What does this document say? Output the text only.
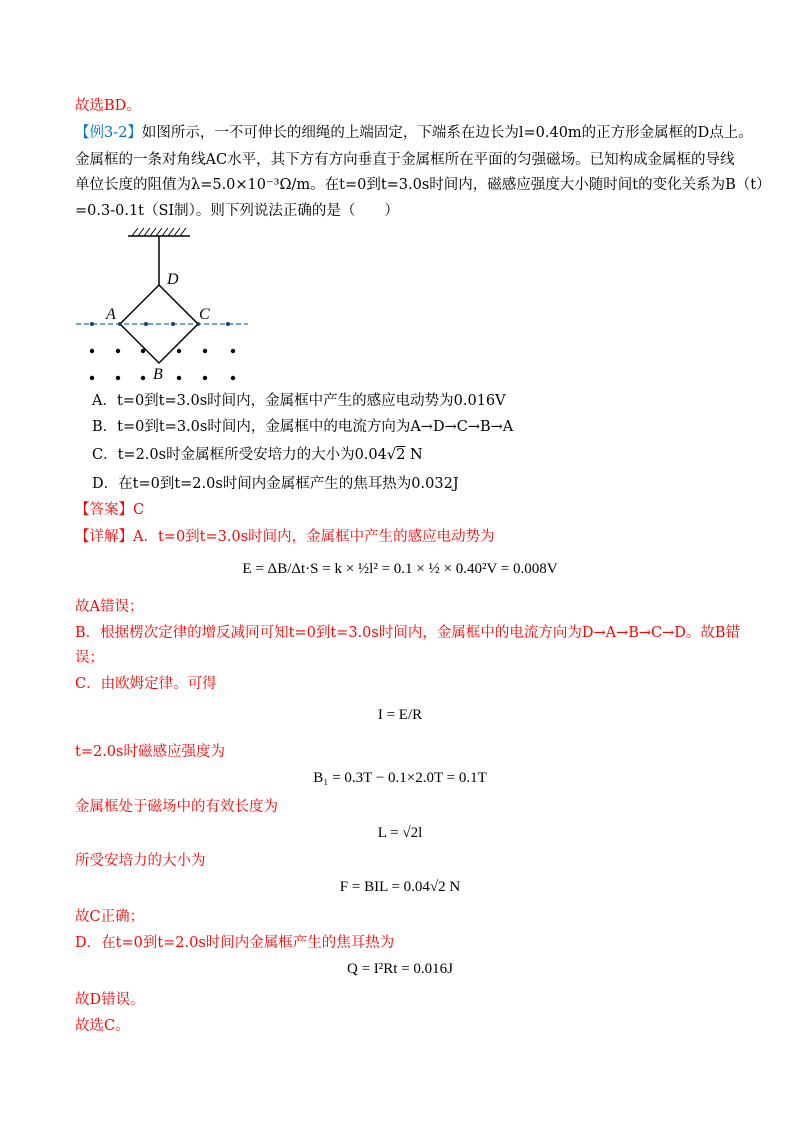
故选BD。
【例3-2】如图所示，一不可伸长的细绳的上端固定，下端系在边长为l=0.40m的正方形金属框的D点上。
金属框的一条对角线AC水平，其下方有方向垂直于金属框所在平面的匀强磁场。已知构成金属框的导线
单位长度的阻值为λ=5.0×10⁻³Ω/m。在t=0到t=3.0s时间内，磁感应强度大小随时间t的变化关系为B（t）
=0.3-0.1t（SI制）。则下列说法正确的是（　　）
D
A	C
B
A．t=0到t=3.0s时间内，金属框中产生的感应电动势为0.016V
B．t=0到t=3.0s时间内，金属框中的电流方向为A→D→C→B→A
C．t=2.0s时金属框所受安培力的大小为0.04√2 N
D．在t=0到t=2.0s时间内金属框产生的焦耳热为0.032J
【答案】C
【详解】A．t=0到t=3.0s时间内，金属框中产生的感应电动势为
E = ΔB/Δt·S = k × ½l² = 0.1 × ½ × 0.40²V = 0.008V
故A错误；
B．根据楞次定律的增反减同可知t=0到t=3.0s时间内，金属框中的电流方向为D→A→B→C→D。故B错
误；
C．由欧姆定律。可得
I = E/R
t=2.0s时磁感应强度为
B₁ = 0.3T − 0.1×2.0T = 0.1T
金属框处于磁场中的有效长度为
L = √2l
所受安培力的大小为
F = BIL = 0.04√2 N
故C正确；
D．在t=0到t=2.0s时间内金属框产生的焦耳热为
Q = I²Rt = 0.016J
故D错误。
故选C。
